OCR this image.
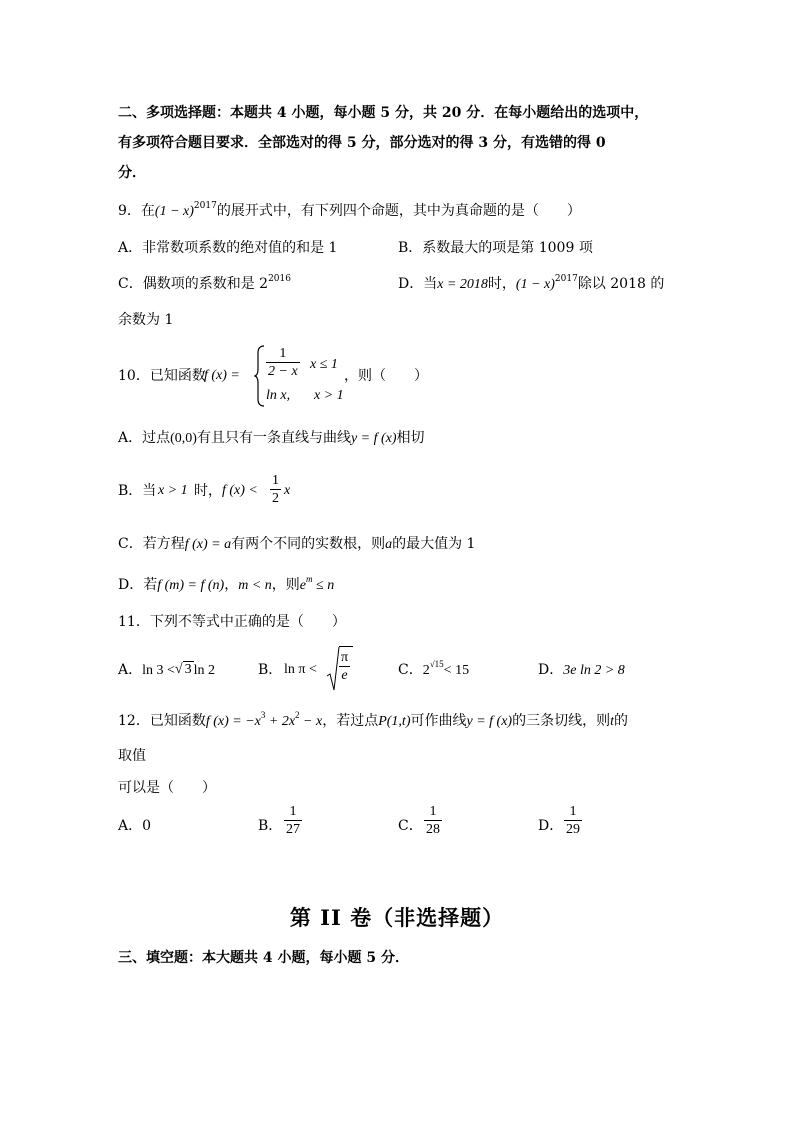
二、多项选择题：本题共 4 小题，每小题 5 分，共 20 分．在每小题给出的选项中，
有多项符合题目要求．全部选对的得 5 分，部分选对的得 3 分，有选错的得 0
分．
9．在$(1 - x)^{2017}$的展开式中，有下列四个命题，其中为真命题的是（　　）
A．非常数项系数的绝对值的和是 1	B．系数最大的项是第 1009 项
C．偶数项的系数和是 $2^{2016}$	D．当x = 2018时，$(1 - x)^{2017}$除以 2018 的
余数为 1
10．已知函数
f $(x) = \frac{1}{2 - x}$ x ≤ 1
ln x, x > 1
，则（　　）
A．过点(0,0)有且只有一条直线与曲线y = f (x)相切
B．当 x > 1 时， f $(x) < \frac{1}{2}$ x
C．若方程f (x) = a有两个不同的实数根，则a的最大值为 1
D．若f (m) = f (n)，m < n，则$e^m \le n$
11．下列不等式中正确的是（　　）
A．ln 3 <√ 3 ln 2	B． $\ln \pi < \frac{\pi}{e}$	C．$2^{√15}< 15$	D．3e ln 2 > 8
12．已知函数f $(x) = -x^3 + 2x^2 - x$，若过点P(1,t)可作曲线y = f (x)的三条切线，则t的
取值
可以是（　　）
A．0	B． $\frac{1}{27}$	C． $\frac{1}{28}$	D． $\frac{1}{29}$
第 II 卷（非选择题）
三、填空题：本大题共 4 小题，每小题 5 分．
